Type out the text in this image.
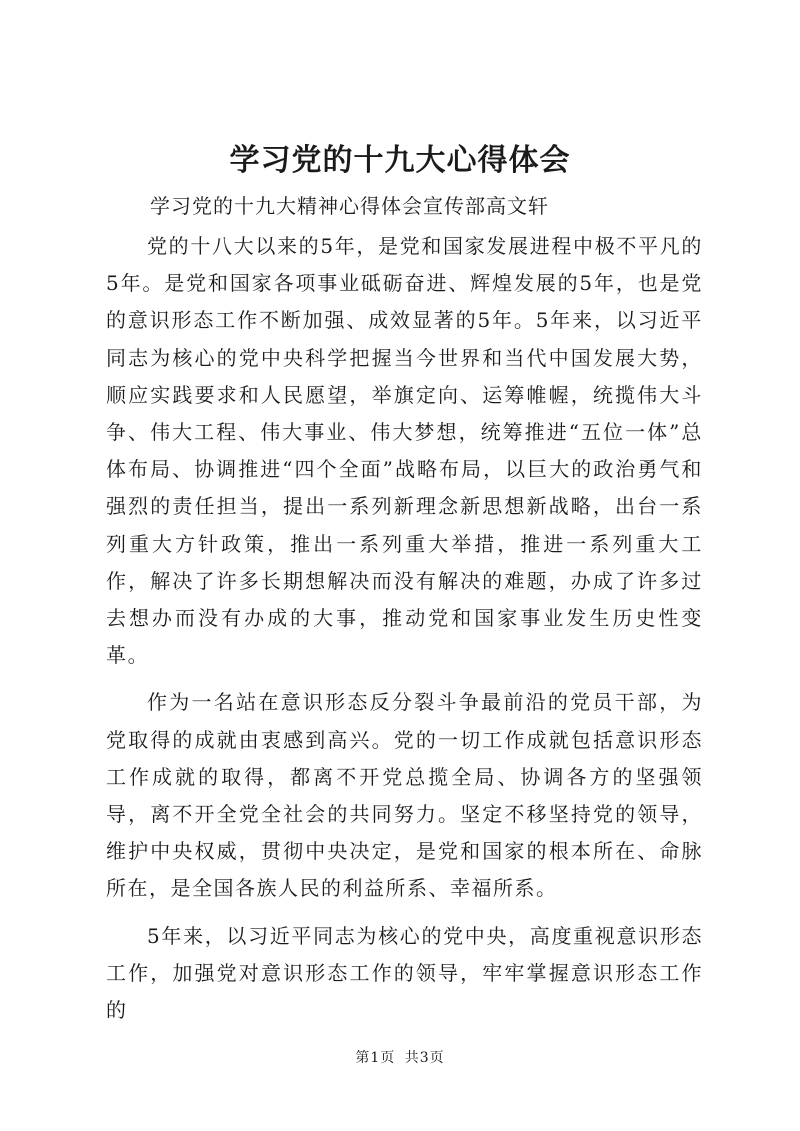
学习党的十九大心得体会

学习党的十九大精神心得体会宣传部高文轩

党的十八大以来的5年，是党和国家发展进程中极不平凡的5年。是党和国家各项事业砥砺奋进、辉煌发展的5年，也是党的意识形态工作不断加强、成效显著的5年。5年来，以习近平同志为核心的党中央科学把握当今世界和当代中国发展大势，顺应实践要求和人民愿望，举旗定向、运筹帷幄，统揽伟大斗争、伟大工程、伟大事业、伟大梦想，统筹推进“五位一体”总体布局、协调推进“四个全面”战略布局，以巨大的政治勇气和强烈的责任担当，提出一系列新理念新思想新战略，出台一系列重大方针政策，推出一系列重大举措，推进一系列重大工作，解决了许多长期想解决而没有解决的难题，办成了许多过去想办而没有办成的大事，推动党和国家事业发生历史性变革。

作为一名站在意识形态反分裂斗争最前沿的党员干部，为党取得的成就由衷感到高兴。党的一切工作成就包括意识形态工作成就的取得，都离不开党总揽全局、协调各方的坚强领导，离不开全党全社会的共同努力。坚定不移坚持党的领导，维护中央权威，贯彻中央决定，是党和国家的根本所在、命脉所在，是全国各族人民的利益所系、幸福所系。

5年来，以习近平同志为核心的党中央，高度重视意识形态工作，加强党对意识形态工作的领导，牢牢掌握意识形态工作的

第1页 共3页
